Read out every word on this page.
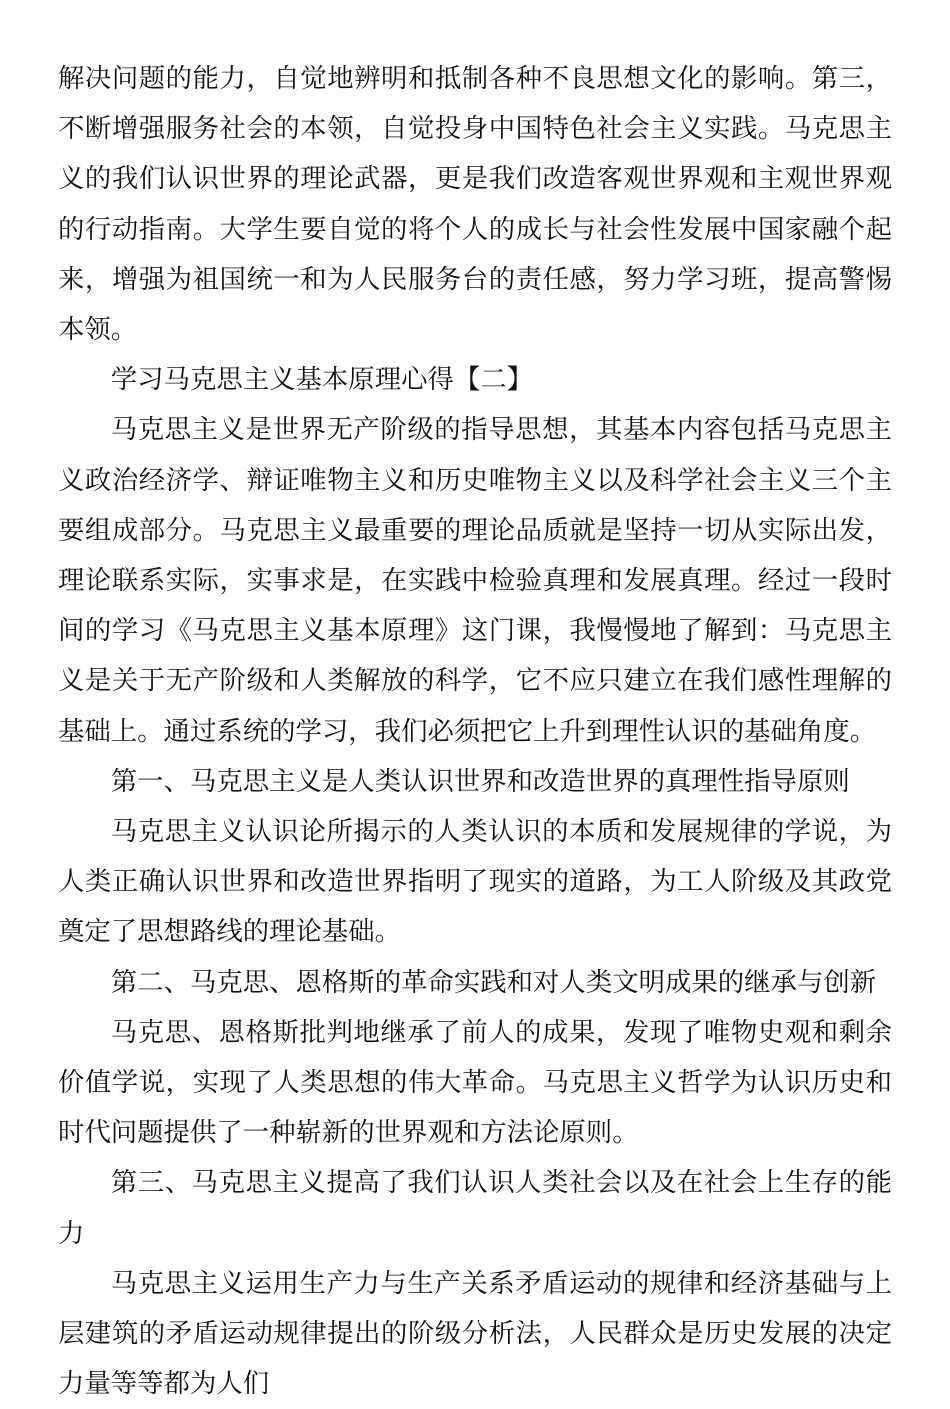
解决问题的能力，自觉地辨明和抵制各种不良思想文化的影响。第三，不断增强服务社会的本领，自觉投身中国特色社会主义实践。马克思主义的我们认识世界的理论武器，更是我们改造客观世界观和主观世界观的行动指南。大学生要自觉的将个人的成长与社会性发展中国家融个起来，增强为祖国统一和为人民服务台的责任感，努力学习班，提高警惕本领。

学习马克思主义基本原理心得【二】

马克思主义是世界无产阶级的指导思想，其基本内容包括马克思主义政治经济学、辩证唯物主义和历史唯物主义以及科学社会主义三个主要组成部分。马克思主义最重要的理论品质就是坚持一切从实际出发，理论联系实际，实事求是，在实践中检验真理和发展真理。经过一段时间的学习《马克思主义基本原理》这门课，我慢慢地了解到：马克思主义是关于无产阶级和人类解放的科学，它不应只建立在我们感性理解的基础上。通过系统的学习，我们必须把它上升到理性认识的基础角度。

第一、马克思主义是人类认识世界和改造世界的真理性指导原则

马克思主义认识论所揭示的人类认识的本质和发展规律的学说，为人类正确认识世界和改造世界指明了现实的道路，为工人阶级及其政党奠定了思想路线的理论基础。

第二、马克思、恩格斯的革命实践和对人类文明成果的继承与创新

马克思、恩格斯批判地继承了前人的成果，发现了唯物史观和剩余价值学说，实现了人类思想的伟大革命。马克思主义哲学为认识历史和时代问题提供了一种崭新的世界观和方法论原则。

第三、马克思主义提高了我们认识人类社会以及在社会上生存的能力

马克思主义运用生产力与生产关系矛盾运动的规律和经济基础与上层建筑的矛盾运动规律提出的阶级分析法，人民群众是历史发展的决定力量等等都为人们
